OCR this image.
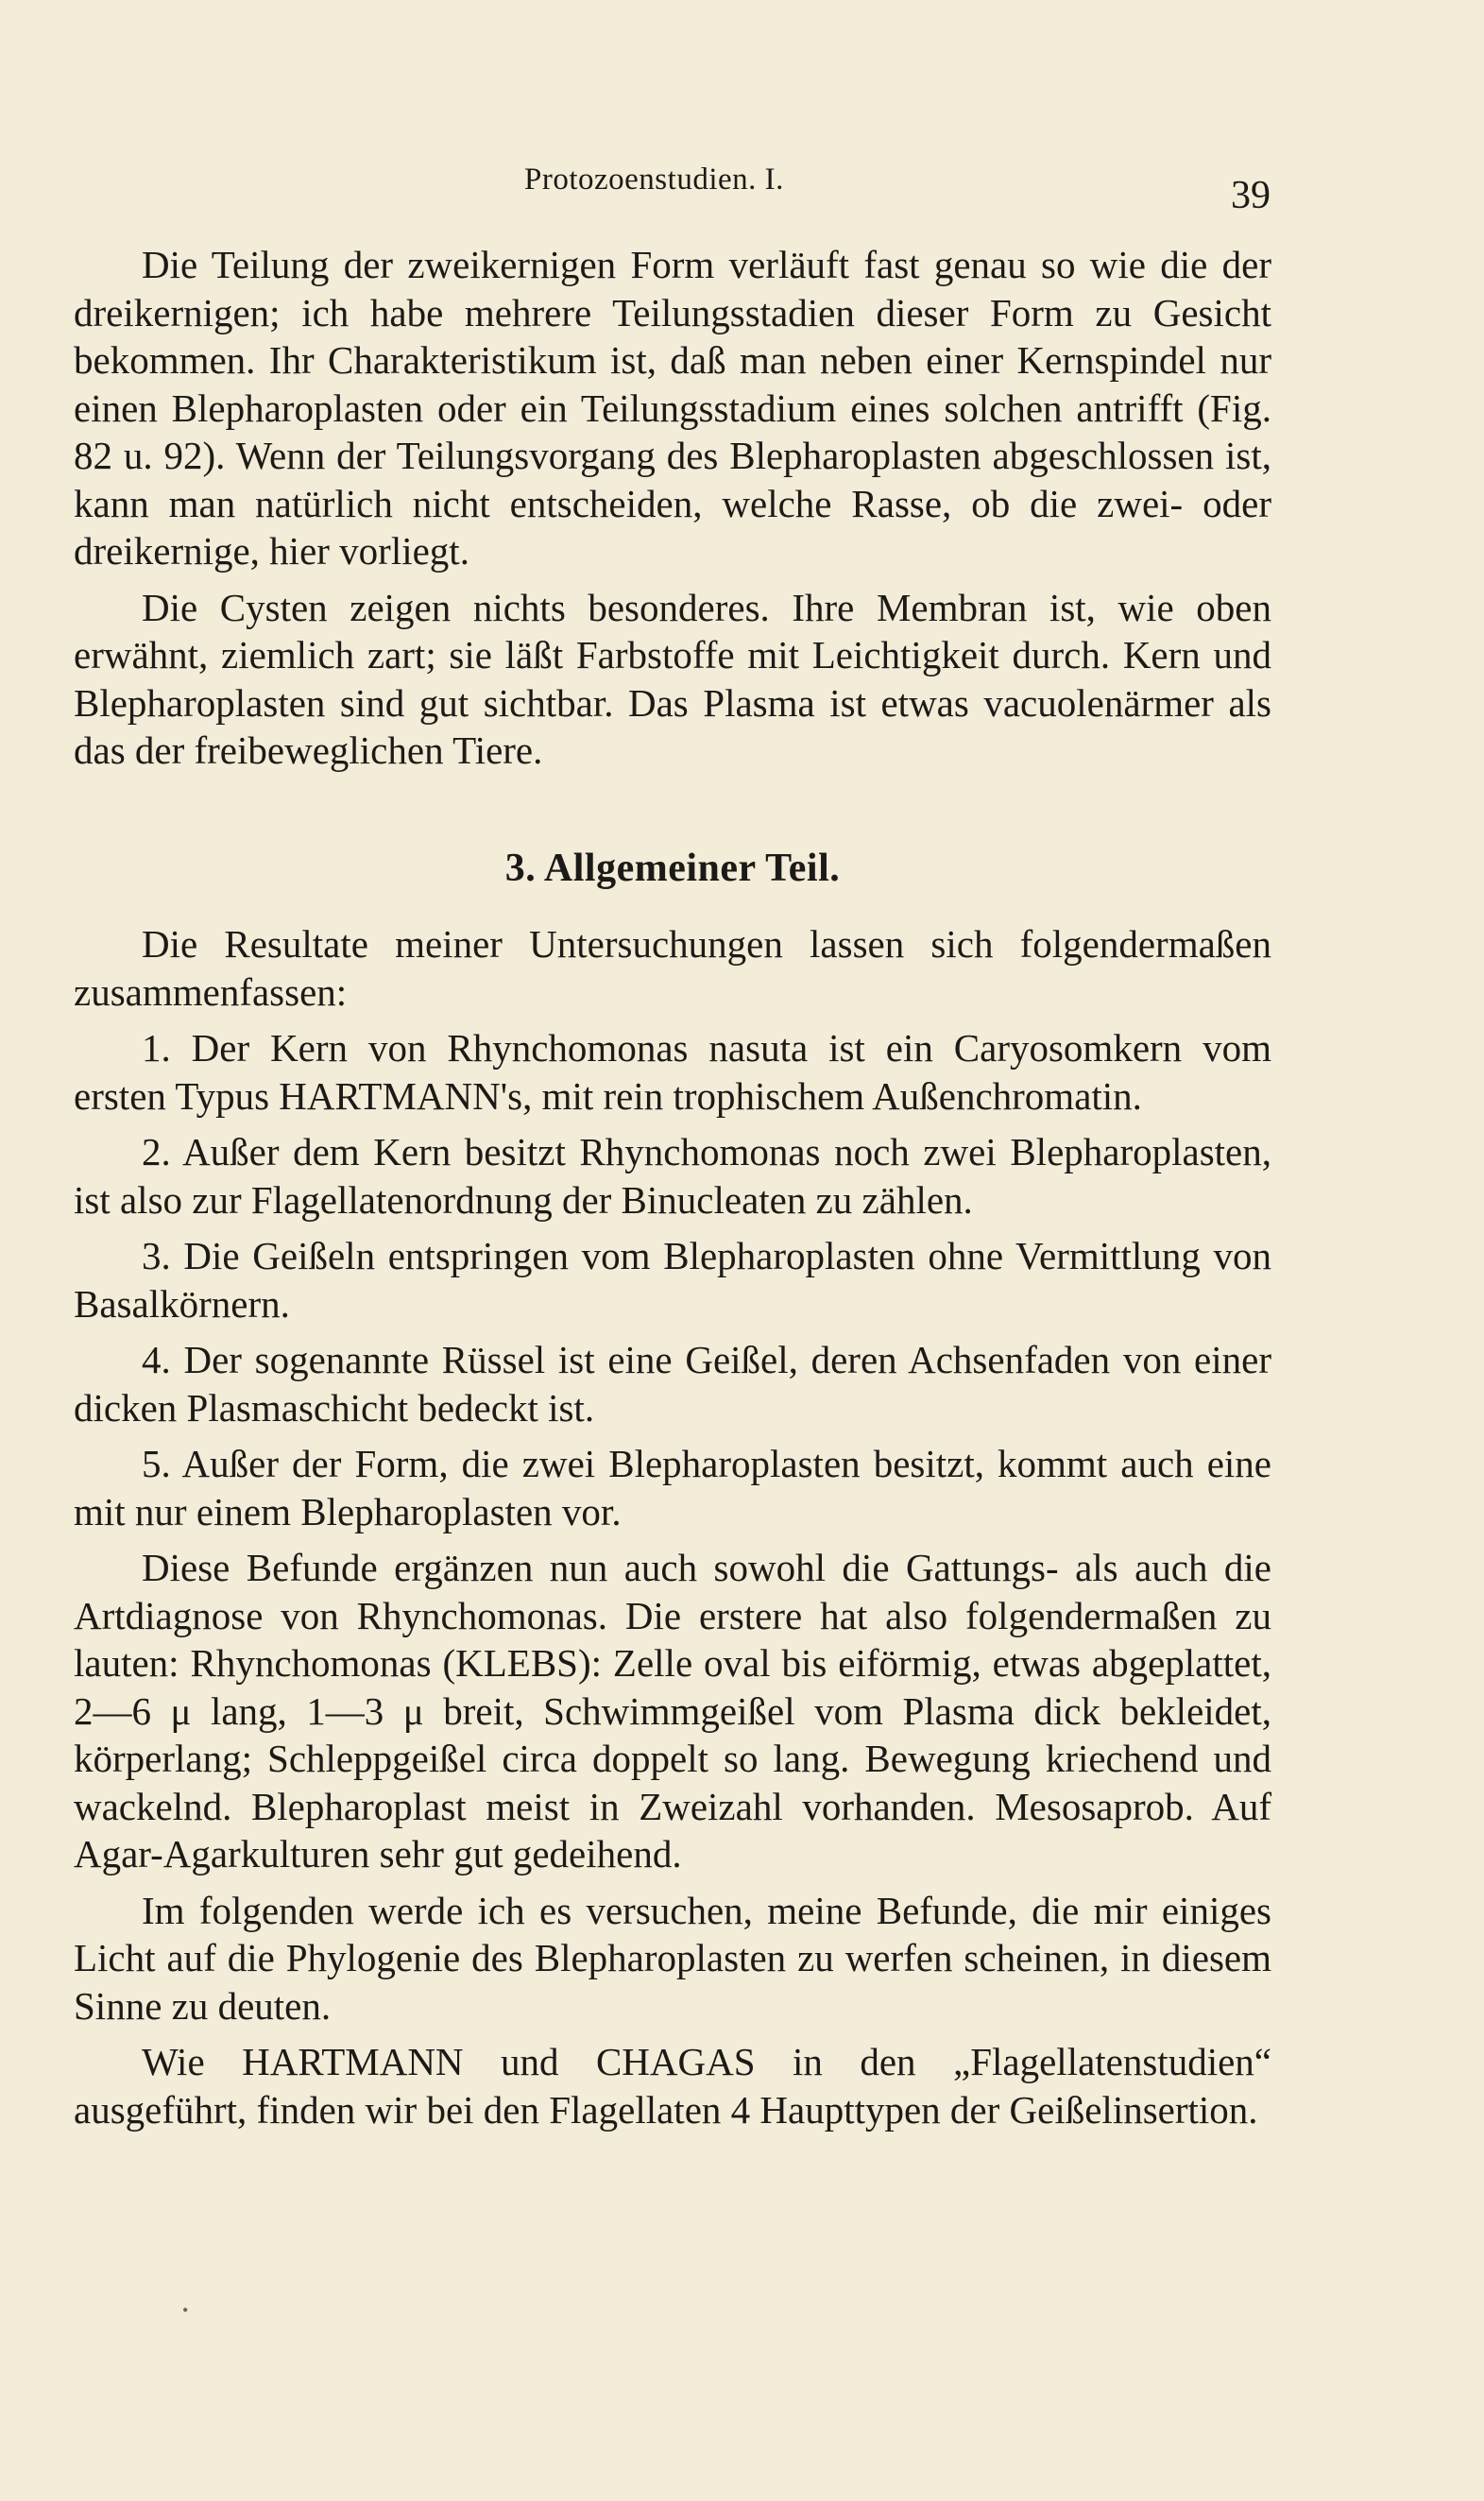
Protozoenstudien. I.	39

Die Teilung der zweikernigen Form verläuft fast genau so wie die der dreikernigen; ich habe mehrere Teilungsstadien dieser Form zu Gesicht bekommen. Ihr Charakteristikum ist, daß man neben einer Kernspindel nur einen Blepharoplasten oder ein Teilungsstadium eines solchen antrifft (Fig. 82 u. 92). Wenn der Teilungsvorgang des Blepharoplasten abgeschlossen ist, kann man natürlich nicht entscheiden, welche Rasse, ob die zwei- oder dreikernige, hier vorliegt.

Die Cysten zeigen nichts besonderes. Ihre Membran ist, wie oben erwähnt, ziemlich zart; sie läßt Farbstoffe mit Leichtigkeit durch. Kern und Blepharoplasten sind gut sichtbar. Das Plasma ist etwas vacuolenärmer als das der freibeweglichen Tiere.

3. Allgemeiner Teil.

Die Resultate meiner Untersuchungen lassen sich folgendermaßen zusammenfassen:

1. Der Kern von Rhynchomonas nasuta ist ein Caryosomkern vom ersten Typus HARTMANN's, mit rein trophischem Außenchromatin.

2. Außer dem Kern besitzt Rhynchomonas noch zwei Blepharoplasten, ist also zur Flagellatenordnung der Binucleaten zu zählen.

3. Die Geißeln entspringen vom Blepharoplasten ohne Vermittlung von Basalkörnern.

4. Der sogenannte Rüssel ist eine Geißel, deren Achsenfaden von einer dicken Plasmaschicht bedeckt ist.

5. Außer der Form, die zwei Blepharoplasten besitzt, kommt auch eine mit nur einem Blepharoplasten vor.

Diese Befunde ergänzen nun auch sowohl die Gattungs- als auch die Artdiagnose von Rhynchomonas. Die erstere hat also folgendermaßen zu lauten: Rhynchomonas (KLEBS): Zelle oval bis eiförmig, etwas abgeplattet, 2—6 μ lang, 1—3 μ breit, Schwimmgeißel vom Plasma dick bekleidet, körperlang; Schleppgeißel circa doppelt so lang. Bewegung kriechend und wackelnd. Blepharoplast meist in Zweizahl vorhanden. Mesosaprob. Auf Agar-Agarkulturen sehr gut gedeihend.

Im folgenden werde ich es versuchen, meine Befunde, die mir einiges Licht auf die Phylogenie des Blepharoplasten zu werfen scheinen, in diesem Sinne zu deuten.

Wie HARTMANN und CHAGAS in den „Flagellatenstudien“ ausgeführt, finden wir bei den Flagellaten 4 Haupttypen der Geißelinsertion.

•
